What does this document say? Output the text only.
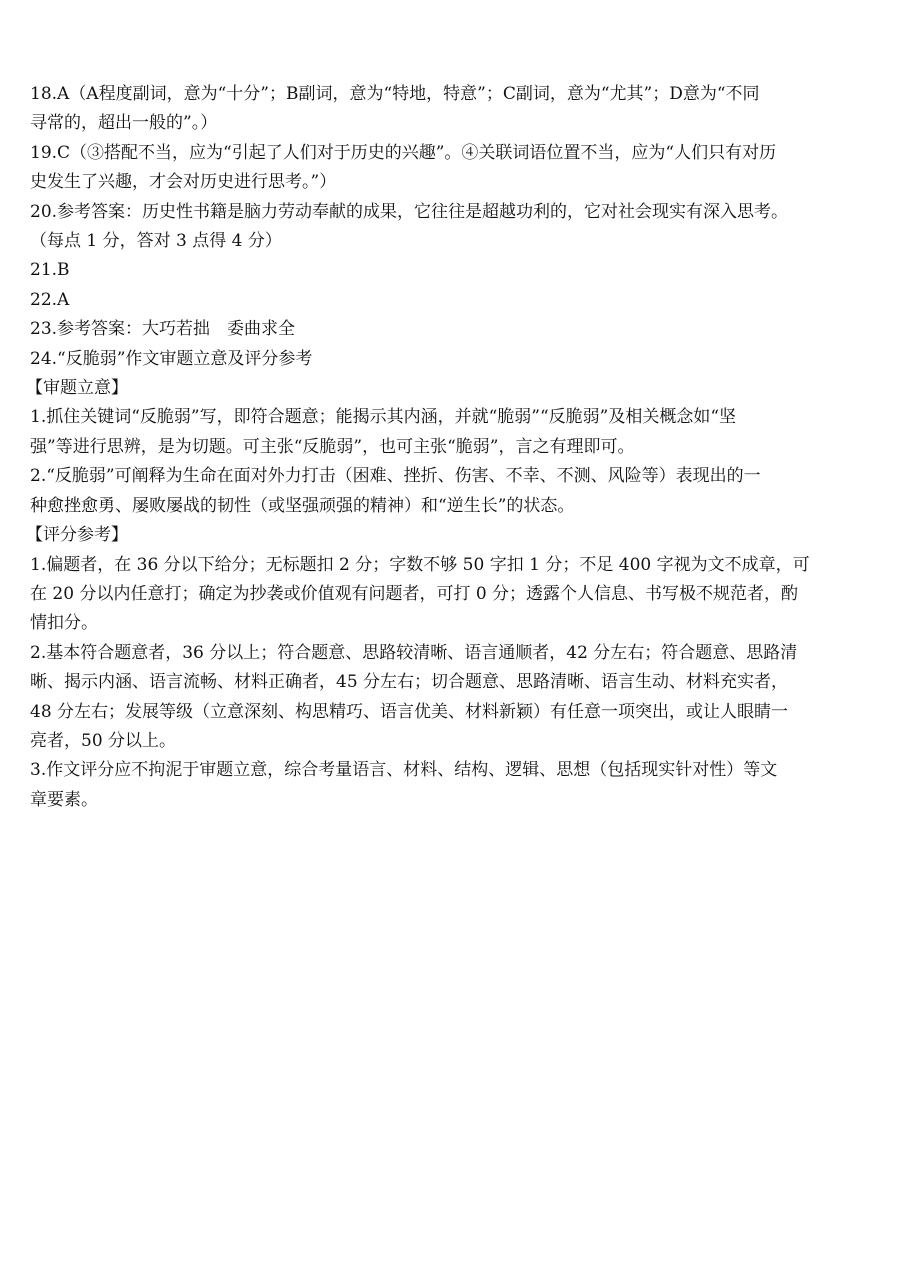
18.A（A程度副词，意为“十分”；B副词，意为“特地，特意”；C副词，意为“尤其”；D意为“不同

寻常的，超出一般的”。）

19.C（③搭配不当，应为“引起了人们对于历史的兴趣”。④关联词语位置不当，应为“人们只有对历

史发生了兴趣，才会对历史进行思考。”）

20.参考答案：历史性书籍是脑力劳动奉献的成果，它往往是超越功利的，它对社会现实有深入思考。

（每点 1 分，答对 3 点得 4 分）

21.B

22.A

23.参考答案：大巧若拙　委曲求全

24.“反脆弱”作文审题立意及评分参考

【审题立意】

1.抓住关键词“反脆弱”写，即符合题意；能揭示其内涵，并就“脆弱”“反脆弱”及相关概念如“坚

强”等进行思辨，是为切题。可主张“反脆弱”，也可主张“脆弱”，言之有理即可。

2.“反脆弱”可阐释为生命在面对外力打击（困难、挫折、伤害、不幸、不测、风险等）表现出的一

种愈挫愈勇、屡败屡战的韧性（或坚强顽强的精神）和“逆生长”的状态。

【评分参考】

1.偏题者，在 36 分以下给分；无标题扣 2 分；字数不够 50 字扣 1 分；不足 400 字视为文不成章，可

在 20 分以内任意打；确定为抄袭或价值观有问题者，可打 0 分；透露个人信息、书写极不规范者，酌

情扣分。

2.基本符合题意者，36 分以上；符合题意、思路较清晰、语言通顺者，42 分左右；符合题意、思路清

晰、揭示内涵、语言流畅、材料正确者，45 分左右；切合题意、思路清晰、语言生动、材料充实者，

48 分左右；发展等级（立意深刻、构思精巧、语言优美、材料新颖）有任意一项突出，或让人眼睛一

亮者，50 分以上。

3.作文评分应不拘泥于审题立意，综合考量语言、材料、结构、逻辑、思想（包括现实针对性）等文

章要素。
